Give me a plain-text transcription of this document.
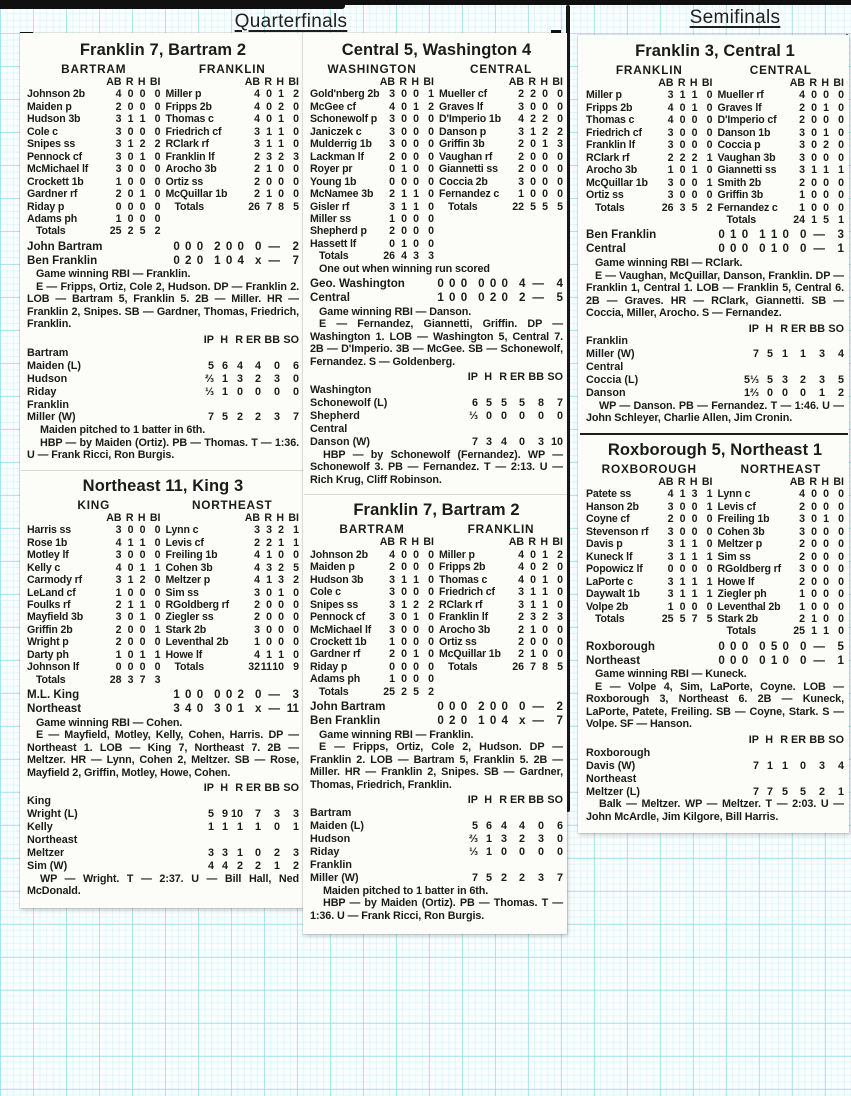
Quarterfinals	Semifinals
Franklin 7, Bartram 2
BARTRAM
AB R H BI
Johnson 2b	4 0 0 0
Maiden p	2 0 0 0
Hudson 3b	3 1 1 0
Cole c	3 0 0 0
Snipes ss	3 1 2 2
Pennock cf	3 0 1 0
McMichael lf	3 0 0 0
Crockett 1b	1 0 0 0
Gardner rf	2 0 1 0
Riday p	0 0 0 0
Adams ph	1 0 0 0
Totals	25 2 5 2
FRANKLIN
AB R H BI
Miller p	4 0 1 2
Fripps 2b	4 0 2 0
Thomas c	4 0 1 0
Friedrich cf	3 1 1 0
RClark rf	3 1 1 0
Franklin lf	2 3 2 3
Arocho 3b	2 1 0 0
Ortiz ss	2 0 0 0
McQuillar 1b	2 1 0 0
Totals	26 7 8 5
John Bartram	0 0 0 2 0 0 0 —	2
Ben Franklin	0 2 0 1 0 4 x —	7

Game winning RBI — Franklin.

E — Fripps, Ortiz, Cole 2, Hudson. DP — Franklin 2. LOB — Bartram 5, Franklin 5. 2B — Miller. HR — Franklin 2, Snipes. SB — Gardner, Thomas, Friedrich, Franklin.

IP H R ER BB SO
Bartram
Maiden (L)	5 6 4	4	0	6
Hudson	⅔ 1 3	2	3	0
Riday	⅓ 1 0	0	0	0
Franklin
Miller (W)	7 5 2	2	3	7

Maiden pitched to 1 batter in 6th.

HBP — by Maiden (Ortiz). PB — Thomas. T — 1:36. U — Frank Ricci, Ron Burgis.

Northeast 11, King 3
KING
AB R H BI
Harris ss	3 0 0 0
Rose 1b	4 1 1 0
Motley lf	3 0 0 0
Kelly c	4 0 1 1
Carmody rf	3 1 2 0
LeLand cf	1 0 0 0
Foulks rf	2 1 1 0
Mayfield 3b	3 0 1 0
Griffin 2b	2 0 0 1
Wright p	2 0 0 0
Darty ph	1 0 1 1
Johnson lf	0 0 0 0
Totals	28 3 7 3
NORTHEAST
AB R H BI
Lynn c	3 3 2 1
Levis cf	2 2 1 1
Freiling 1b	4 1 0 0
Cohen 3b	4 3 2 5
Meltzer p	4 1 3 2
Sim ss	3 0 1 0
RGoldberg rf	2 0 0 0
Ziegler ss	2 0 0 0
Stark 2b	3 0 0 0
Leventhal 2b	1 0 0 0
Howe lf	4 1 1 0
Totals	32 11 10 9
M.L. King	1 0 0 0 0 2 0 —	3
Northeast	3 4 0 3 0 1 x — 11

Game winning RBI — Cohen.

E — Mayfield, Motley, Kelly, Cohen, Harris. DP — Northeast 1. LOB — King 7, Northeast 7. 2B — Meltzer. HR — Lynn, Cohen 2, Meltzer. SB — Rose, Mayfield 2, Griffin, Motley, Howe, Cohen.

IP H R ER BB SO
King
Wright (L)	5 9 10	7	3	3
Kelly	1 1 1	1	0	1
Northeast
Meltzer	3 3 1	0	2	3
Sim (W)	4 4 2	2	1	2

WP — Wright. T — 2:37. U — Bill Hall, Ned McDonald.

Central 5, Washington 4
WASHINGTON
AB R H BI
Gold'nberg 2b 3 0 0 1
McGee cf	4 0 1 2
Schonewolf p	3 0 0 0
Janiczek c	3 0 0 0
Mulderrig 1b	3 0 0 0
Lackman lf	2 0 0 0
Royer pr	0 1 0 0
Young 1b	0 0 0 0
McNamee 3b	2 1 1 0
Gisler rf	3 1 1 0
Miller ss	1 0 0 0
Shepherd p	2 0 0 0
Hassett lf	0 1 0 0
Totals	26 4 3 3
CENTRAL
AB R H BI
Mueller cf	2 2 0 0
Graves lf	3 0 0 0
D'Imperio 1b	4 2 2 0
Danson p	3 1 2 2
Griffin 3b	2 0 1 3
Vaughan rf	2 0 0 0
Giannetti ss	2 0 0 0
Coccia 2b	3 0 0 0
Fernandez c	1 0 0 0
Totals	22 5 5 5

One out when winning run scored

Geo. Washington	0 0 0 0 0 0 4 —	4
Central	1 0 0 0 2 0 2 —	5

Game winning RBI — Danson.

E — Fernandez, Giannetti, Griffin. DP — Washington 1. LOB — Washington 5, Central 7. 2B — D'Imperio. 3B — McGee. SB — Schonewolf, Fernandez. S — Goldenberg.

IP H R ER BB SO
Washington
Schonewolf (L)	6 5 5	5	8	7
Shepherd	⅓ 0 0	0	0	0
Central
Danson (W)	7 3 4	0	3 10

HBP — by Schonewolf (Fernandez). WP — Schonewolf 3. PB — Fernandez. T — 2:13. U — Rich Krug, Cliff Robinson.

Franklin 7, Bartram 2
BARTRAM
AB R H BI
Johnson 2b	4 0 0 0
Maiden p	2 0 0 0
Hudson 3b	3 1 1 0
Cole c	3 0 0 0
Snipes ss	3 1 2 2
Pennock cf	3 0 1 0
McMichael lf	3 0 0 0
Crockett 1b	1 0 0 0
Gardner rf	2 0 1 0
Riday p	0 0 0 0
Adams ph	1 0 0 0
Totals	25 2 5 2
FRANKLIN
AB R H BI
Miller p	4 0 1 2
Fripps 2b	4 0 2 0
Thomas c	4 0 1 0
Friedrich cf	3 1 1 0
RClark rf	3 1 1 0
Franklin lf	2 3 2 3
Arocho 3b	2 1 0 0
Ortiz ss	2 0 0 0
McQuillar 1b	2 1 0 0
Totals	26 7 8 5
John Bartram	0 0 0 2 0 0 0 —	2
Ben Franklin	0 2 0 1 0 4 x —	7

Game winning RBI — Franklin.

E — Fripps, Ortiz, Cole 2, Hudson. DP — Franklin 2. LOB — Bartram 5, Franklin 5. 2B — Miller. HR — Franklin 2, Snipes. SB — Gardner, Thomas, Friedrich, Franklin.

IP H R ER BB SO
Bartram
Maiden (L)	5 6 4	4	0	6
Hudson	⅔ 1 3	2	3	0
Riday	⅓ 1 0	0	0	0
Franklin
Miller (W)	7 5 2	2	3	7

Maiden pitched to 1 batter in 6th.

HBP — by Maiden (Ortiz). PB — Thomas. T — 1:36. U — Frank Ricci, Ron Burgis.

Franklin 3, Central 1
FRANKLIN
AB R H BI
Miller p	3 1 1 0
Fripps 2b	4 0 1 0
Thomas c	4 0 0 0
Friedrich cf	3 0 0 0
Franklin lf	3 0 0 0
RClark rf	2 2 2 1
Arocho 3b	1 0 1 0
McQuillar 1b	3 0 0 1
Ortiz ss	3 0 0 0
Totals	26 3 5 2
CENTRAL
AB R H BI
Mueller rf	4 0 0 0
Graves lf	2 0 1 0
D'Imperio cf	2 0 0 0
Danson 1b	3 0 1 0
Coccia p	3 0 2 0
Vaughan 3b	3 0 0 0
Giannetti ss	3 1 1 1
Smith 2b	2 0 0 0
Griffin 3b	1 0 0 0
Fernandez c	1 0 0 0
Totals	24 1 5 1
Ben Franklin	0 1 0 1 1 0 0 —	3
Central	0 0 0 0 1 0 0 —	1

Game winning RBI — RClark.

E — Vaughan, McQuillar, Danson, Franklin. DP — Franklin 1, Central 1. LOB — Franklin 5, Central 6. 2B — Graves. HR — RClark, Giannetti. SB — Coccia, Miller, Arocho. S — Fernandez.

IP H R ER BB SO
Franklin
Miller (W)	7 5 1	1	3	4
Central
Coccia (L)	5⅓ 5 3	2	3	5
Danson	1⅔ 0 0	0	1	2

WP — Danson. PB — Fernandez. T — 1:46. U — John Schleyer, Charlie Allen, Jim Cronin.

Roxborough 5, Northeast 1
ROXBOROUGH
AB R H BI
Patete ss	4 1 3 1
Hanson 2b	3 0 0 1
Coyne cf	2 0 0 0
Stevenson rf	3 0 0 0
Davis p	3 1 1 0
Kuneck lf	3 1 1 1
Popowicz lf	0 0 0 0
LaPorte c	3 1 1 1
Daywalt 1b	3 1 1 1
Volpe 2b	1 0 0 0
Totals	25 5 7 5
NORTHEAST
AB R H BI
Lynn c	4 0 0 0
Levis cf	2 0 0 0
Freiling 1b	3 0 1 0
Cohen 3b	3 0 0 0
Meltzer p	2 0 0 0
Sim ss	2 0 0 0
RGoldberg rf	3 0 0 0
Howe lf	2 0 0 0
Ziegler ph	1 0 0 0
Leventhal 2b	1 0 0 0
Stark 2b	2 1 0 0
Totals	25 1 1 0
Roxborough	0 0 0 0 5 0 0 —	5
Northeast	0 0 0 0 1 0 0 —	1

Game winning RBI — Kuneck.

E — Volpe 4, Sim, LaPorte, Coyne. LOB — Roxborough 3, Northeast 6. 2B — Kuneck, LaPorte, Patete, Freiling. SB — Coyne, Stark. S — Volpe. SF — Hanson.

IP H R ER BB SO
Roxborough
Davis (W)	7 1 1	0	3	4
Northeast
Meltzer (L)	7 7 5	5	2	1

Balk — Meltzer. WP — Meltzer. T — 2:03. U — John McArdle, Jim Kilgore, Bill Harris.
